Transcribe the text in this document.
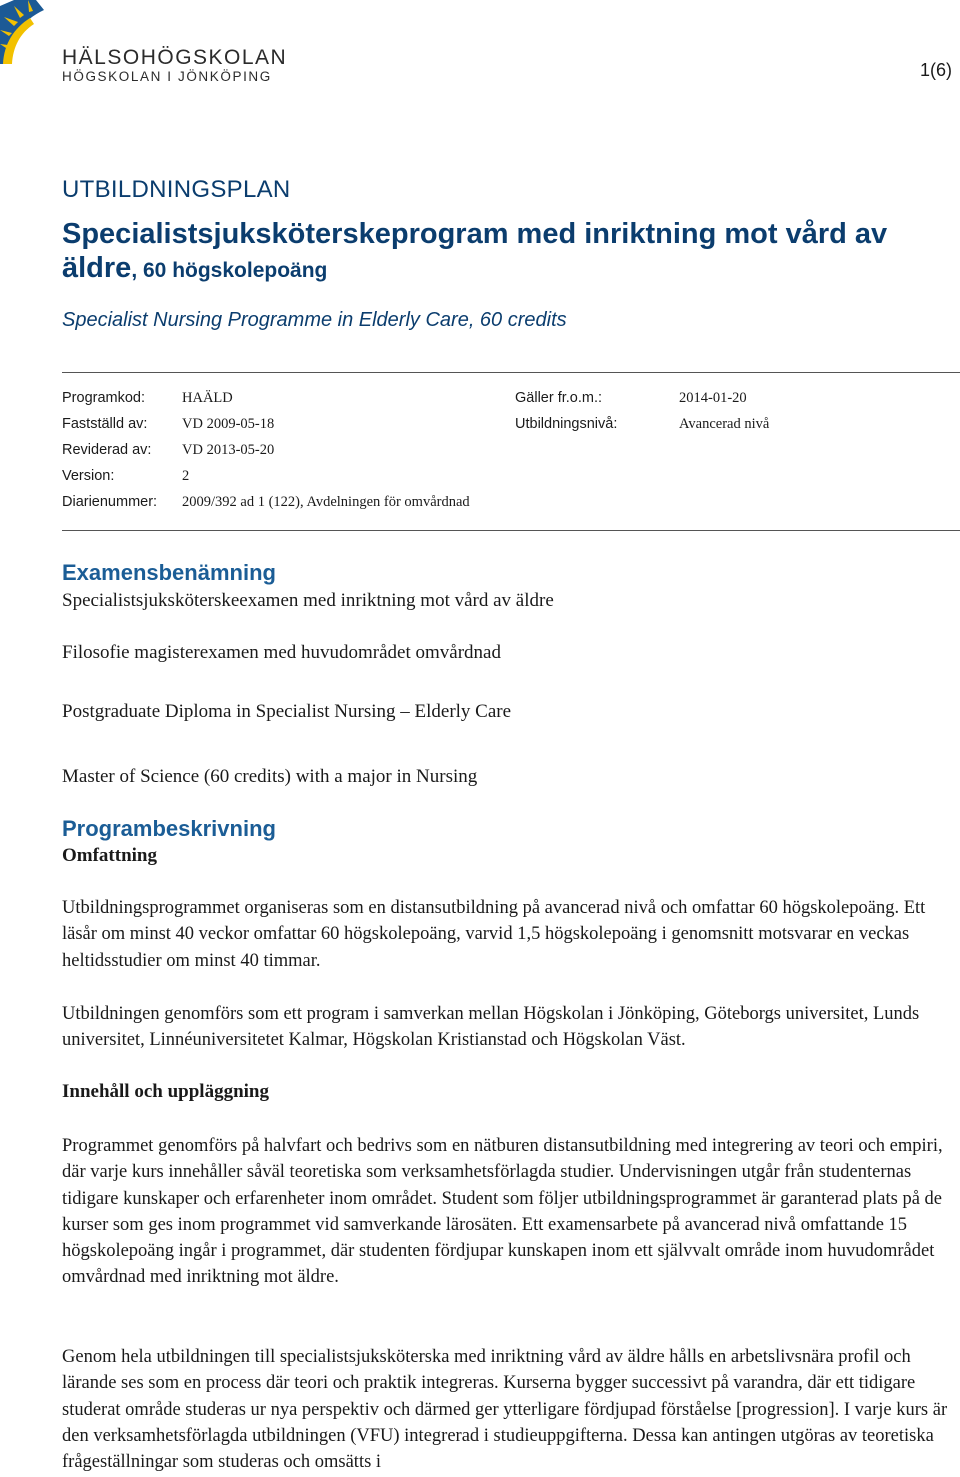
HÄLSOHÖGSKOLAN
HÖGSKOLAN I JÖNKÖPING	1(6)
UTBILDNINGSPLAN
Specialistsjuksköterskeprogram med inriktning mot vård av äldre, 60 högskolepoäng
Specialist Nursing Programme in Elderly Care, 60 credits
Programkod:	HAÄLD	Gäller fr.o.m.:	2014-01-20
Fastställd av: VD 2009-05-18	Utbildningsnivå:	Avancerad nivå
Reviderad av: VD 2013-05-20
Version:	2
Diarienummer: 2009/392 ad 1 (122), Avdelningen för omvårdnad
Examensbenämning
Specialistsjuksköterskeexamen med inriktning mot vård av äldre
Filosofie magisterexamen med huvudområdet omvårdnad
Postgraduate Diploma in Specialist Nursing – Elderly Care
Master of Science (60 credits) with a major in Nursing
Programbeskrivning
Omfattning

Utbildningsprogrammet organiseras som en distansutbildning på avancerad nivå och omfattar 60 högskolepoäng. Ett läsår om minst 40 veckor omfattar 60 högskolepoäng, varvid 1,5 högskolepoäng i genomsnitt motsvarar en veckas heltidsstudier om minst 40 timmar.

Utbildningen genomförs som ett program i samverkan mellan Högskolan i Jönköping, Göteborgs universitet, Lunds universitet, Linnéuniversitetet Kalmar, Högskolan Kristianstad och Högskolan Väst.

Innehåll och uppläggning

Programmet genomförs på halvfart och bedrivs som en nätburen distansutbildning med integrering av teori och empiri, där varje kurs innehåller såväl teoretiska som verksamhetsförlagda studier. Undervisningen utgår från studenternas tidigare kunskaper och erfarenheter inom området. Student som följer utbildningsprogrammet är garanterad plats på de kurser som ges inom programmet vid samverkande lärosäten. Ett examensarbete på avancerad nivå omfattande 15 högskolepoäng ingår i programmet, där studenten fördjupar kunskapen inom ett självvalt område inom huvudområdet omvårdnad med inriktning mot äldre.

Genom hela utbildningen till specialistsjuksköterska med inriktning vård av äldre hålls en arbetslivsnära profil och lärande ses som en process där teori och praktik integreras. Kurserna bygger successivt på varandra, där ett tidigare studerat område studeras ur nya perspektiv och därmed ger ytterligare fördjupad förståelse [progression]. I varje kurs är den verksamhetsförlagda utbildningen (VFU) integrerad i studieuppgifterna. Dessa kan antingen utgöras av teoretiska frågeställningar som studeras och omsätts i
